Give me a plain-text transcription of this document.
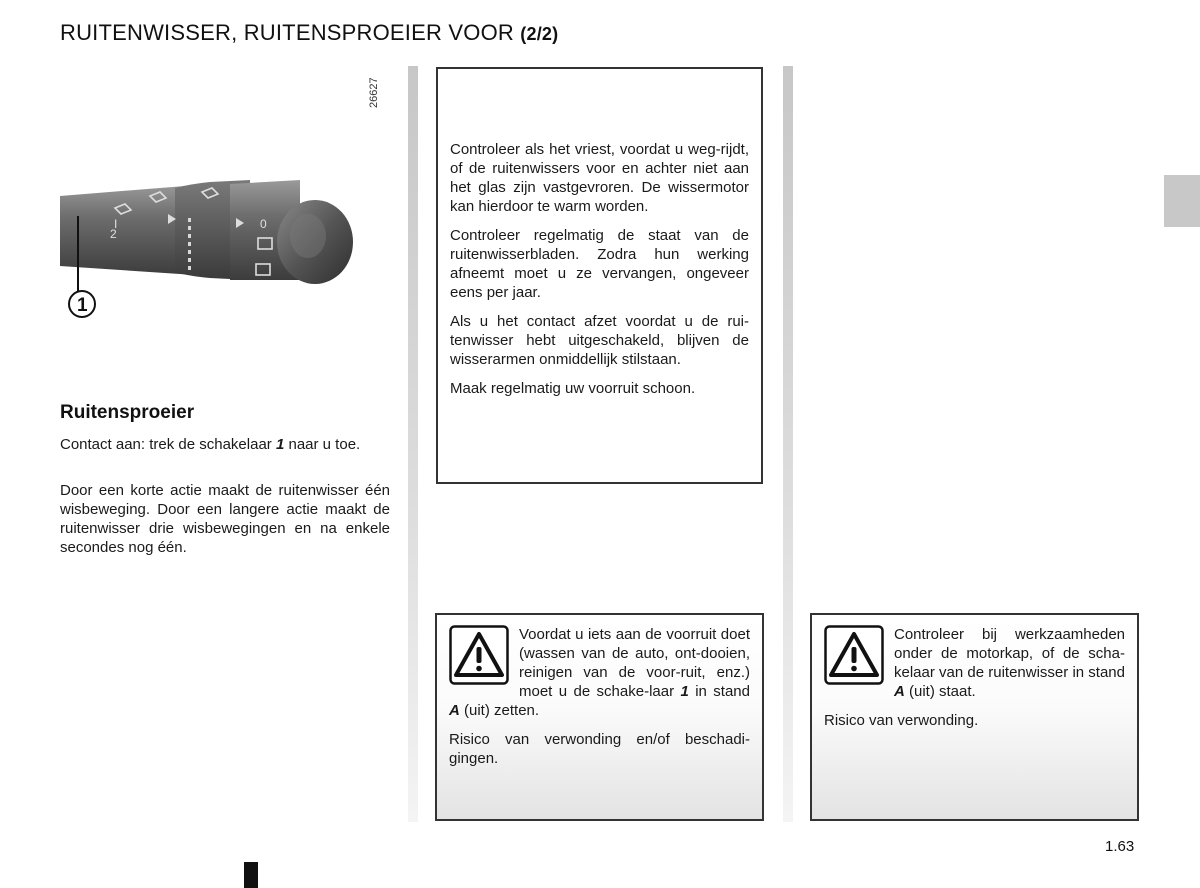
RUITENWISSER, RUITENSPROEIER VOOR (2/2)
I
2
0
1
26627
Ruitensproeier

Contact aan: trek de schakelaar 1 naar u toe.

Door een korte actie maakt de ruitenwisser één wisbeweging. Door een langere actie maakt de ruitenwisser drie wisbewegingen en na enkele secondes nog één.

Controleer als het vriest, voordat u weg-rijdt, of de ruitenwissers voor en achter niet aan het glas zijn vastgevroren. De wissermotor kan hierdoor te warm worden.

Controleer regelmatig de staat van de ruitenwisserbladen. Zodra hun werking afneemt moet u ze vervangen, ongeveer eens per jaar.

Als u het contact afzet voordat u de rui-tenwisser hebt uitgeschakeld, blijven de wisserarmen onmiddellijk stilstaan.

Maak regelmatig uw voorruit schoon.

Voordat u iets aan de voorruit doet (wassen van de auto, ont-dooien, reinigen van de voor-ruit, enz.) moet u de schake-laar 1 in stand A (uit) zetten.

Risico van verwonding en/of beschadi-gingen.

Controleer bij werkzaamheden onder de motorkap, of de scha-kelaar van de ruitenwisser in stand A (uit) staat.

Risico van verwonding.

1.63
